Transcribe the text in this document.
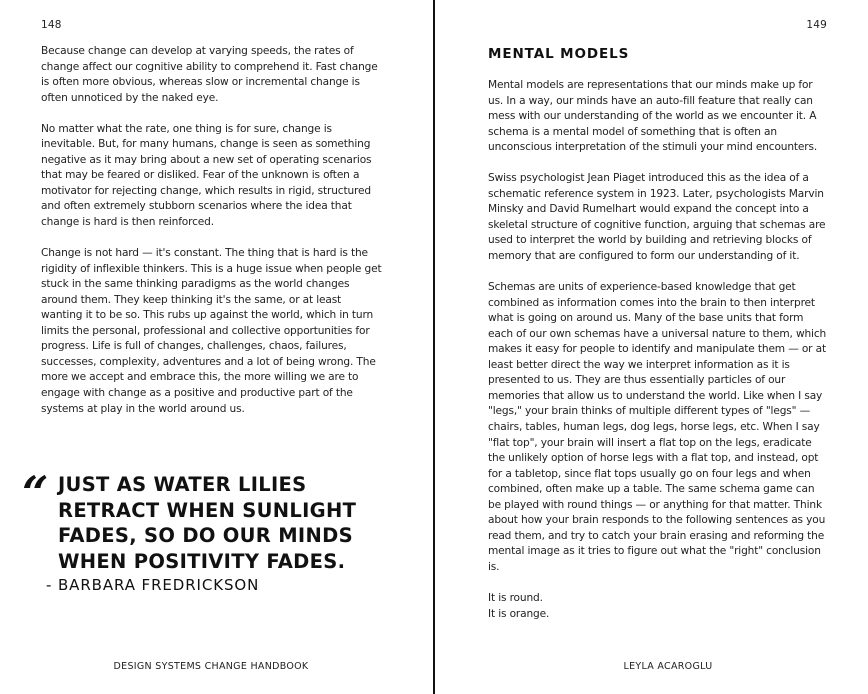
148

Because change can develop at varying speeds, the rates of change affect our cognitive ability to comprehend it. Fast change is often more obvious, whereas slow or incremental change is often unnoticed by the naked eye.

No matter what the rate, one thing is for sure, change is inevitable. But, for many humans, change is seen as something negative as it may bring about a new set of operating scenarios that may be feared or disliked. Fear of the unknown is often a motivator for rejecting change, which results in rigid, structured and often extremely stubborn scenarios where the idea that change is hard is then reinforced.

Change is not hard — it's constant. The thing that is hard is the rigidity of inflexible thinkers. This is a huge issue when people get stuck in the same thinking paradigms as the world changes around them. They keep thinking it's the same, or at least wanting it to be so. This rubs up against the world, which in turn limits the personal, professional and collective opportunities for progress. Life is full of changes, challenges, chaos, failures, successes, complexity, adventures and a lot of being wrong. The more we accept and embrace this, the more willing we are to engage with change as a positive and productive part of the systems at play in the world around us.

“ JUST AS WATER LILIES RETRACT WHEN SUNLIGHT FADES, SO DO OUR MINDS WHEN POSITIVITY FADES.
- BARBARA FREDRICKSON
DESIGN SYSTEMS CHANGE HANDBOOK
149
MENTAL MODELS

Mental models are representations that our minds make up for us. In a way, our minds have an auto-fill feature that really can mess with our understanding of the world as we encounter it. A schema is a mental model of something that is often an unconscious interpretation of the stimuli your mind encounters.

Swiss psychologist Jean Piaget introduced this as the idea of a schematic reference system in 1923. Later, psychologists Marvin Minsky and David Rumelhart would expand the concept into a skeletal structure of cognitive function, arguing that schemas are used to interpret the world by building and retrieving blocks of memory that are configured to form our understanding of it.

Schemas are units of experience-based knowledge that get combined as information comes into the brain to then interpret what is going on around us. Many of the base units that form each of our own schemas have a universal nature to them, which makes it easy for people to identify and manipulate them — or at least better direct the way we interpret information as it is presented to us. They are thus essentially particles of our memories that allow us to understand the world. Like when I say "legs," your brain thinks of multiple different types of "legs" — chairs, tables, human legs, dog legs, horse legs, etc. When I say "flat top", your brain will insert a flat top on the legs, eradicate the unlikely option of horse legs with a flat top, and instead, opt for a tabletop, since flat tops usually go on four legs and when combined, often make up a table. The same schema game can be played with round things — or anything for that matter. Think about how your brain responds to the following sentences as you read them, and try to catch your brain erasing and reforming the mental image as it tries to figure out what the "right" conclusion is.

It is round.
It is orange.

LEYLA ACAROGLU
